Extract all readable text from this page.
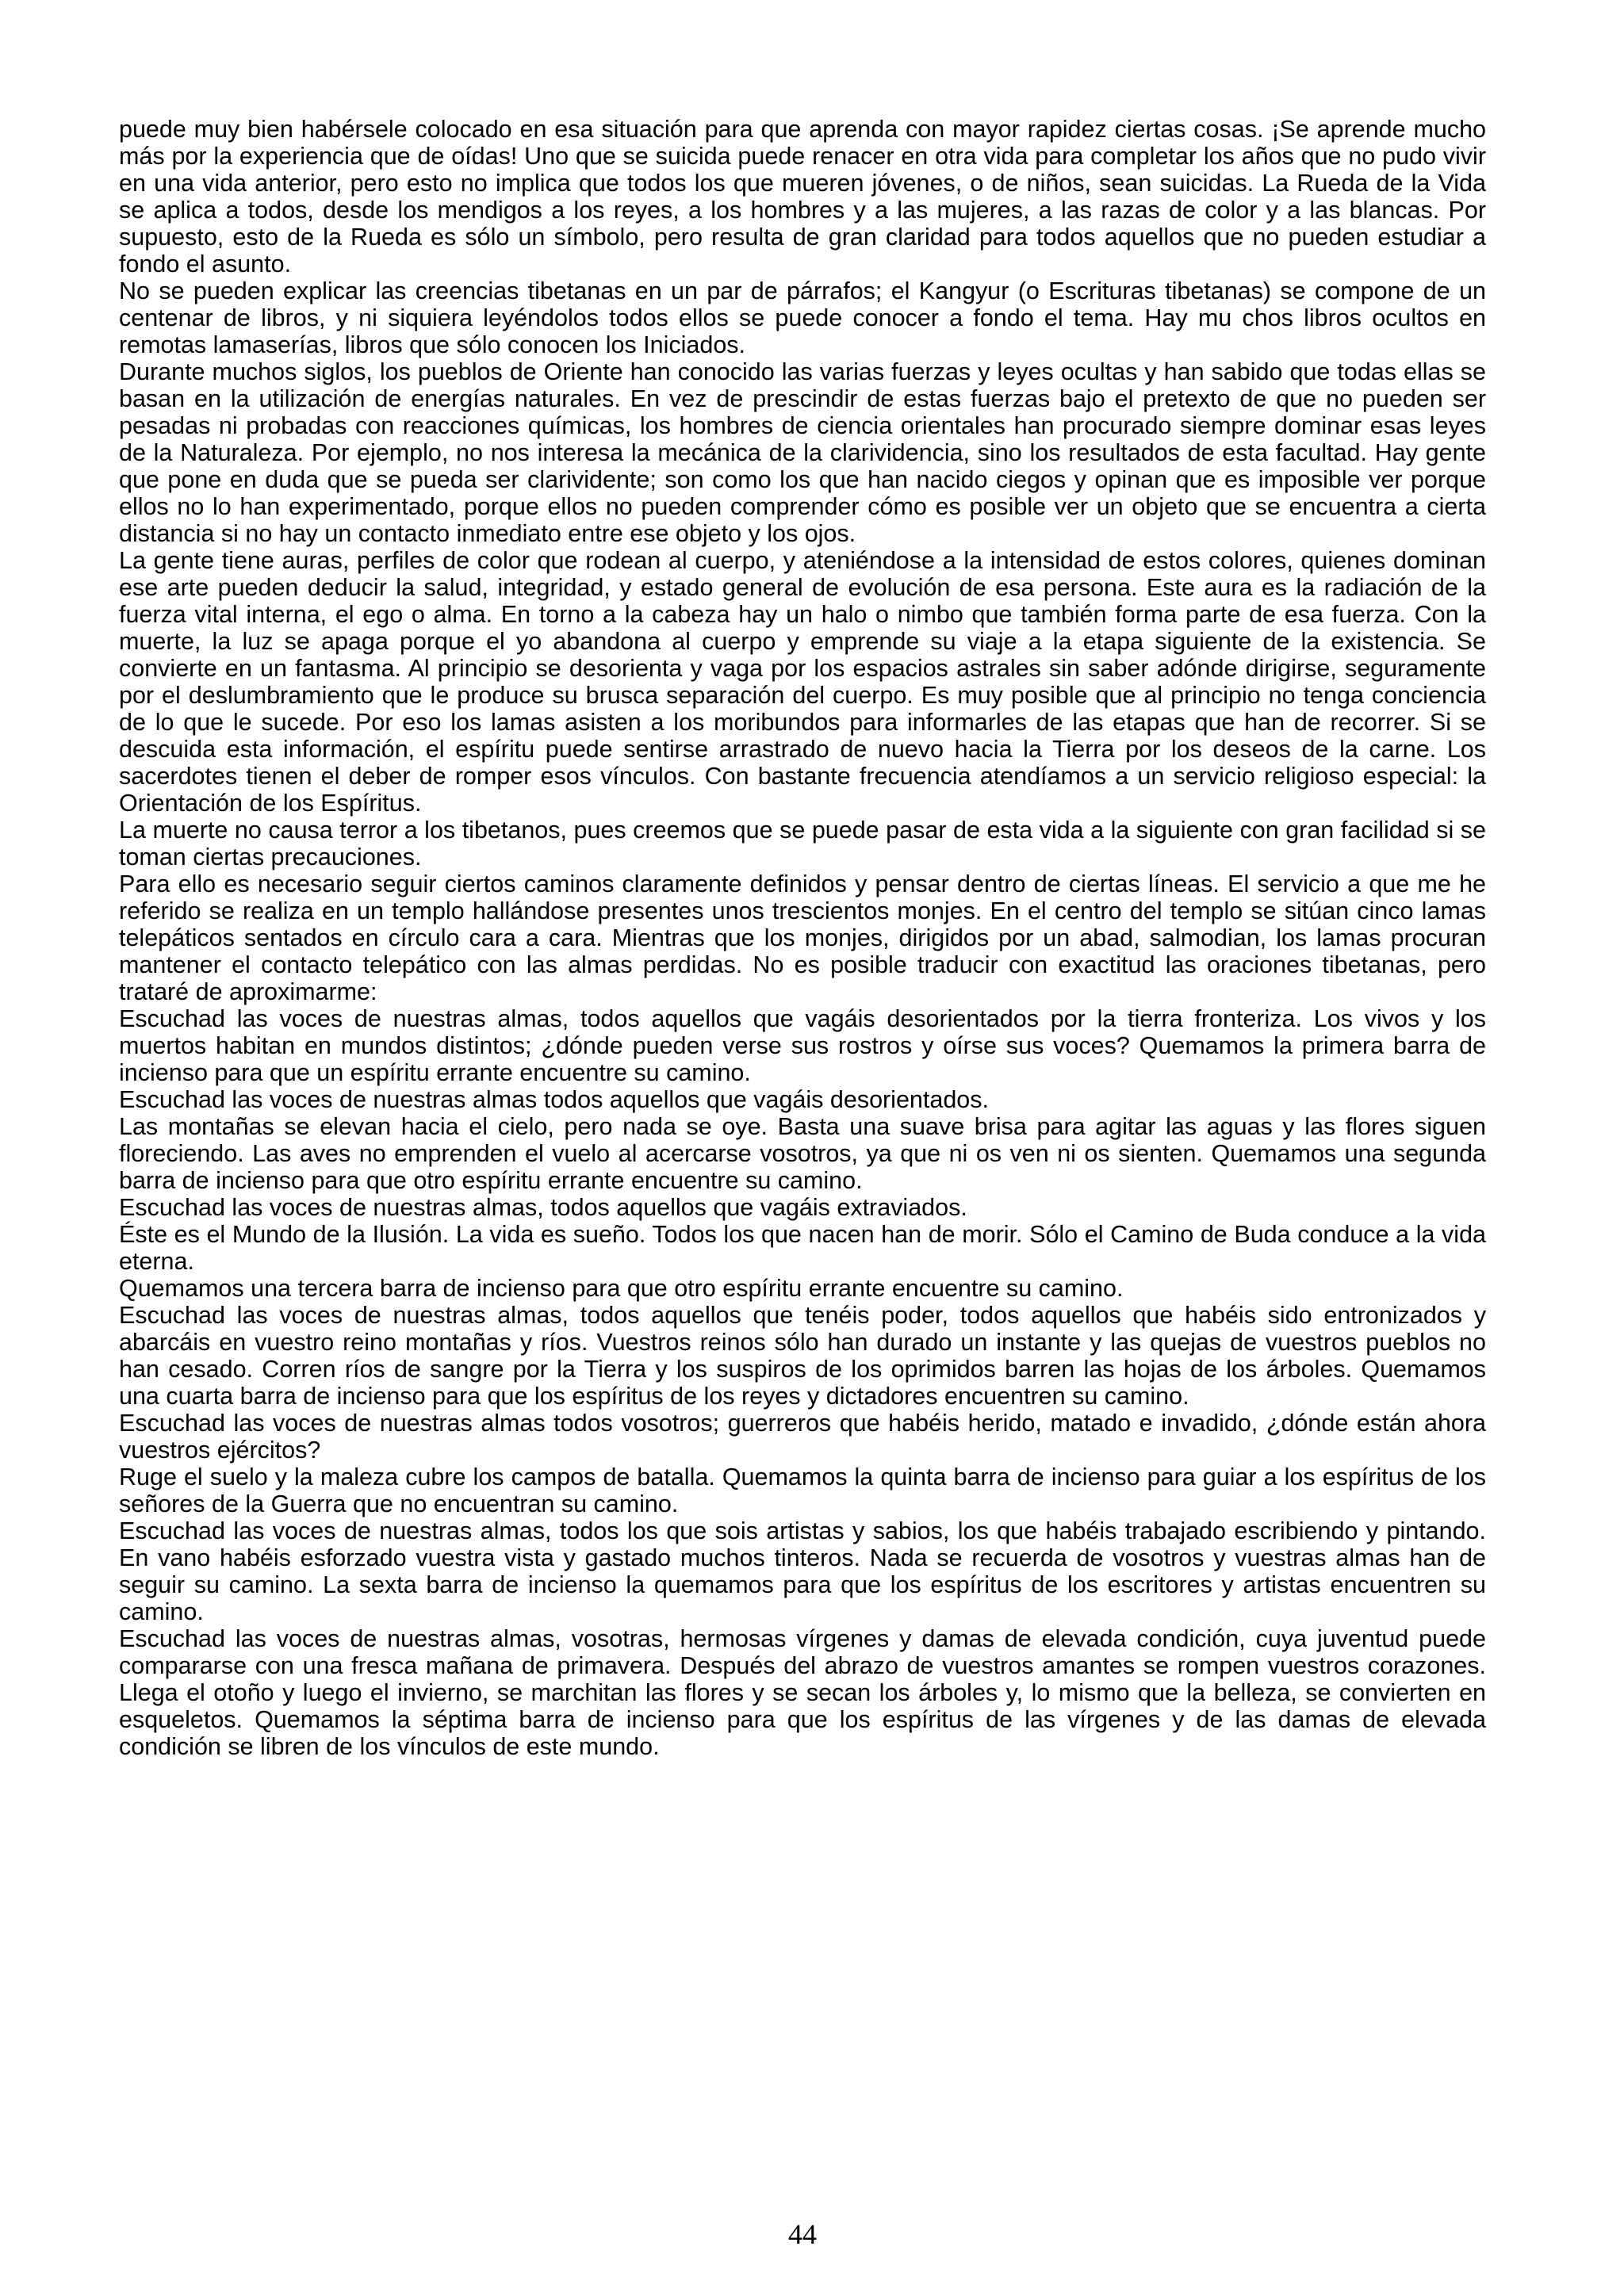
puede muy bien habérsele colocado en esa situación para que aprenda con mayor rapidez ciertas cosas. ¡Se aprende mucho más por la experiencia que de oídas! Uno que se suicida puede renacer en otra vida para completar los años que no pudo vivir en una vida anterior, pero esto no implica que todos los que mueren jóvenes, o de niños, sean suicidas. La Rueda de la Vida se aplica a todos, desde los mendigos a los reyes, a los hombres y a las mujeres, a las razas de color y a las blancas. Por supuesto, esto de la Rueda es sólo un símbolo, pero resulta de gran claridad para todos aquellos que no pueden estudiar a fondo el asunto.

No se pueden explicar las creencias tibetanas en un par de párrafos; el Kangyur (o Escrituras tibetanas) se compone de un centenar de libros, y ni siquiera leyéndolos todos ellos se puede conocer a fondo el tema. Hay mu chos libros ocultos en remotas lamaserías, libros que sólo conocen los Iniciados.

Durante muchos siglos, los pueblos de Oriente han conocido las varias fuerzas y leyes ocultas y han sabido que todas ellas se basan en la utilización de energías naturales. En vez de prescindir de estas fuerzas bajo el pretexto de que no pueden ser pesadas ni probadas con reacciones químicas, los hombres de ciencia orientales han procurado siempre dominar esas leyes de la Naturaleza. Por ejemplo, no nos interesa la mecánica de la clarividencia, sino los resultados de esta facultad. Hay gente que pone en duda que se pueda ser clarividente; son como los que han nacido ciegos y opinan que es imposible ver porque ellos no lo han experimentado, porque ellos no pueden comprender cómo es posible ver un objeto que se encuentra a cierta distancia si no hay un contacto inmediato entre ese objeto y los ojos.

La gente tiene auras, perfiles de color que rodean al cuerpo, y ateniéndose a la intensidad de estos colores, quienes dominan ese arte pueden deducir la salud, integridad, y estado general de evolución de esa persona. Este aura es la radiación de la fuerza vital interna, el ego o alma. En torno a la cabeza hay un halo o nimbo que también forma parte de esa fuerza. Con la muerte, la luz se apaga porque el yo abandona al cuerpo y emprende su viaje a la etapa siguiente de la existencia. Se convierte en un fantasma. Al principio se desorienta y vaga por los espacios astrales sin saber adónde dirigirse, seguramente por el deslumbramiento que le produce su brusca separación del cuerpo. Es muy posible que al principio no tenga conciencia de lo que le sucede. Por eso los lamas asisten a los moribundos para informarles de las etapas que han de recorrer. Si se descuida esta información, el espíritu puede sentirse arrastrado de nuevo hacia la Tierra por los deseos de la carne. Los sacerdotes tienen el deber de romper esos vínculos. Con bastante frecuencia atendíamos a un servicio religioso especial: la Orientación de los Espíritus.

La muerte no causa terror a los tibetanos, pues creemos que se puede pasar de esta vida a la siguiente con gran facilidad si se toman ciertas precauciones.

Para ello es necesario seguir ciertos caminos claramente definidos y pensar dentro de ciertas líneas. El servicio a que me he referido se realiza en un templo hallándose presentes unos trescientos monjes. En el centro del templo se sitúan cinco lamas telepáticos sentados en círculo cara a cara. Mientras que los monjes, dirigidos por un abad, salmodian, los lamas procuran mantener el contacto telepático con las almas perdidas. No es posible traducir con exactitud las oraciones tibetanas, pero trataré de aproximarme:

Escuchad las voces de nuestras almas, todos aquellos que vagáis desorientados por la tierra fronteriza. Los vivos y los muertos habitan en mundos distintos; ¿dónde pueden verse sus rostros y oírse sus voces? Quemamos la primera barra de incienso para que un espíritu errante encuentre su camino.

Escuchad las voces de nuestras almas todos aquellos que vagáis desorientados.

Las montañas se elevan hacia el cielo, pero nada se oye. Basta una suave brisa para agitar las aguas y las flores siguen floreciendo. Las aves no emprenden el vuelo al acercarse vosotros, ya que ni os ven ni os sienten. Quemamos una segunda barra de incienso para que otro espíritu errante encuentre su camino.

Escuchad las voces de nuestras almas, todos aquellos que vagáis extraviados.

Éste es el Mundo de la Ilusión. La vida es sueño. Todos los que nacen han de morir. Sólo el Camino de Buda conduce a la vida eterna.

Quemamos una tercera barra de incienso para que otro espíritu errante encuentre su camino.

Escuchad las voces de nuestras almas, todos aquellos que tenéis poder, todos aquellos que habéis sido entronizados y abarcáis en vuestro reino montañas y ríos. Vuestros reinos sólo han durado un instante y las quejas de vuestros pueblos no han cesado. Corren ríos de sangre por la Tierra y los suspiros de los oprimidos barren las hojas de los árboles. Quemamos una cuarta barra de incienso para que los espíritus de los reyes y dictadores encuentren su camino.

Escuchad las voces de nuestras almas todos vosotros; guerreros que habéis herido, matado e invadido, ¿dónde están ahora vuestros ejércitos?

Ruge el suelo y la maleza cubre los campos de batalla. Quemamos la quinta barra de incienso para guiar a los espíritus de los señores de la Guerra que no encuentran su camino.

Escuchad las voces de nuestras almas, todos los que sois artistas y sabios, los que habéis trabajado escribiendo y pintando. En vano habéis esforzado vuestra vista y gastado muchos tinteros. Nada se recuerda de vosotros y vuestras almas han de seguir su camino. La sexta barra de incienso la quemamos para que los espíritus de los escritores y artistas encuentren su camino.

Escuchad las voces de nuestras almas, vosotras, hermosas vírgenes y damas de elevada condición, cuya juventud puede compararse con una fresca mañana de primavera. Después del abrazo de vuestros amantes se rompen vuestros corazones. Llega el otoño y luego el invierno, se marchitan las flores y se secan los árboles y, lo mismo que la belleza, se convierten en esqueletos. Quemamos la séptima barra de incienso para que los espíritus de las vírgenes y de las damas de elevada condición se libren de los vínculos de este mundo.

44
